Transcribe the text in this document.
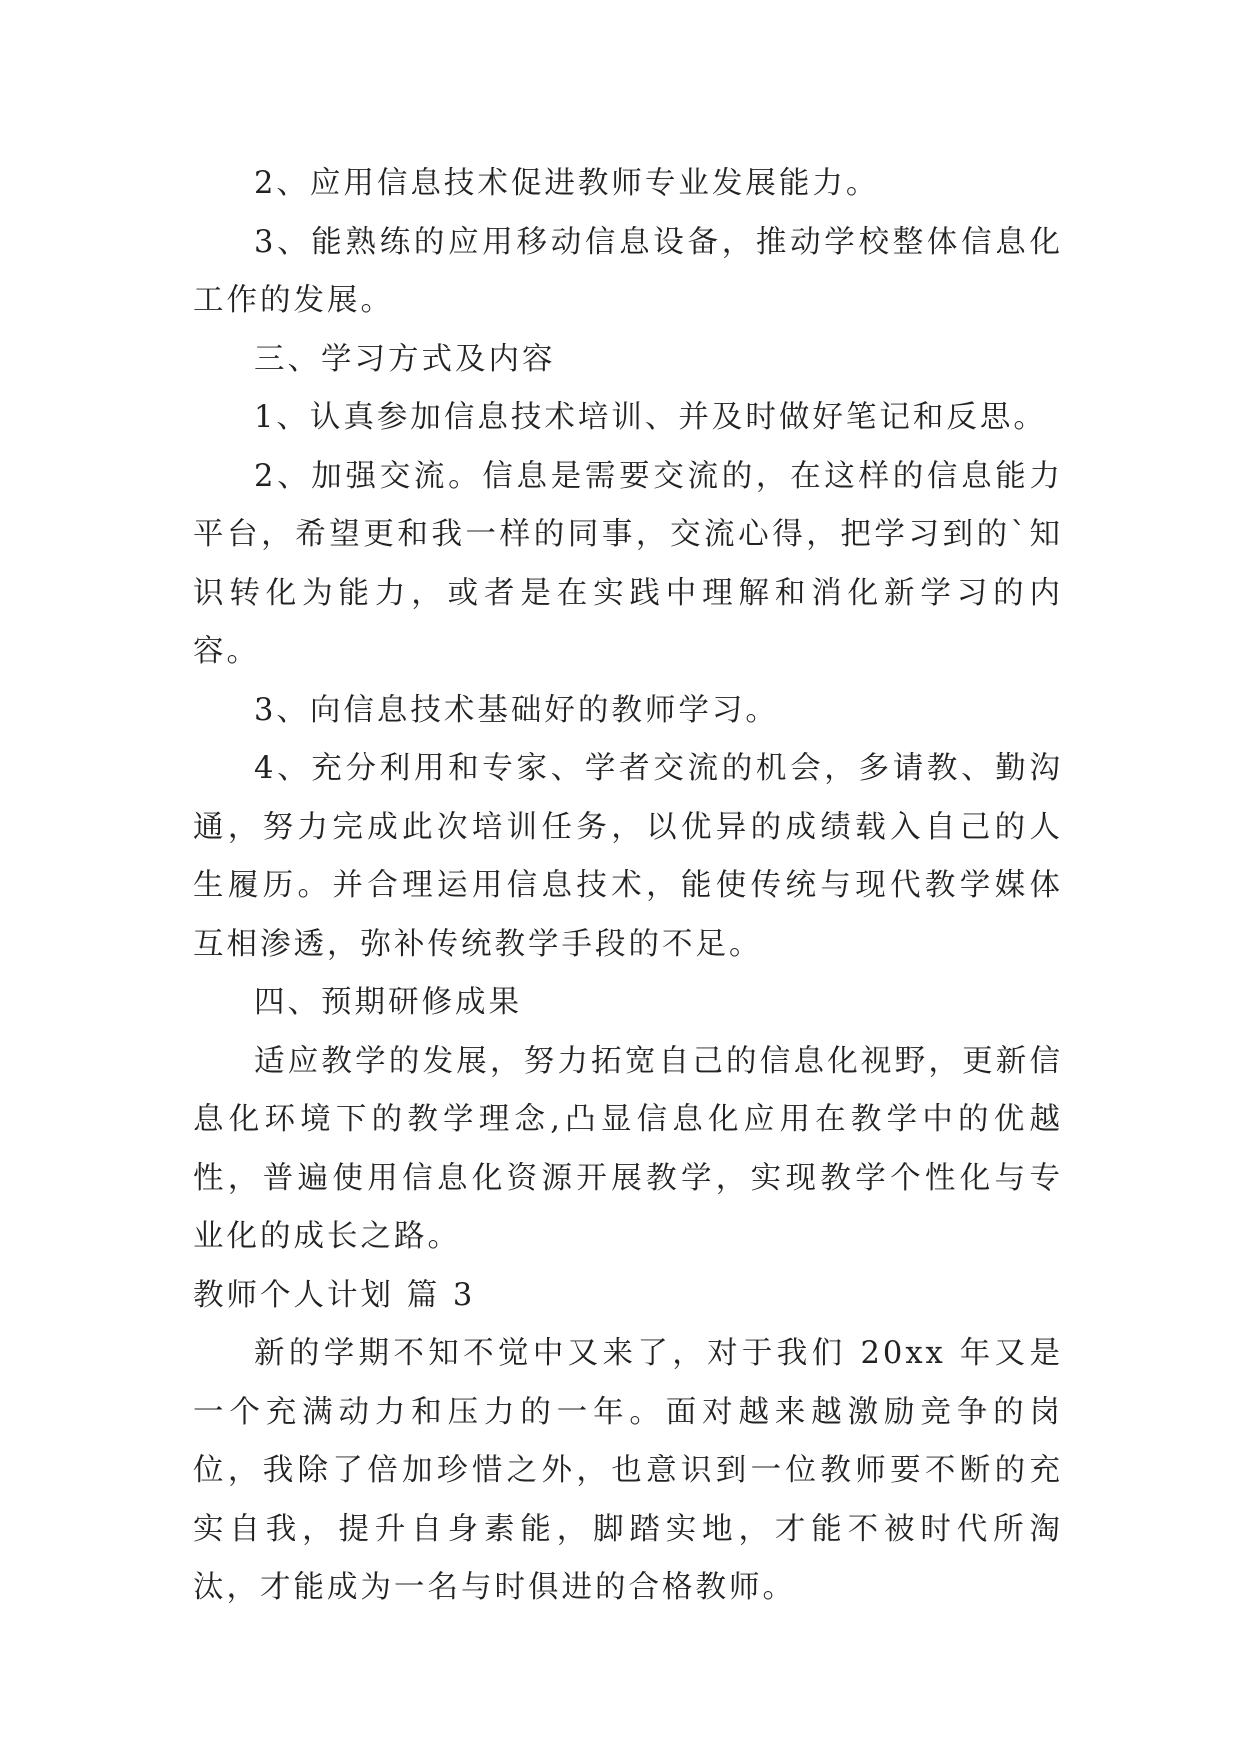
2、应用信息技术促进教师专业发展能力。

3、能熟练的应用移动信息设备，推动学校整体信息化工作的发展。

三、学习方式及内容

1、认真参加信息技术培训、并及时做好笔记和反思。

2、加强交流。信息是需要交流的，在这样的信息能力平台，希望更和我一样的同事，交流心得，把学习到的`知识转化为能力，或者是在实践中理解和消化新学习的内容。

3、向信息技术基础好的教师学习。

4、充分利用和专家、学者交流的机会，多请教、勤沟通，努力完成此次培训任务，以优异的成绩载入自己的人生履历。并合理运用信息技术，能使传统与现代教学媒体互相渗透，弥补传统教学手段的不足。

四、预期研修成果

适应教学的发展，努力拓宽自己的信息化视野，更新信息化环境下的教学理念,凸显信息化应用在教学中的优越性，普遍使用信息化资源开展教学，实现教学个性化与专业化的成长之路。

教师个人计划 篇 3

新的学期不知不觉中又来了，对于我们 20xx 年又是一个充满动力和压力的一年。面对越来越激励竞争的岗位，我除了倍加珍惜之外，也意识到一位教师要不断的充实自我，提升自身素能，脚踏实地，才能不被时代所淘汰，才能成为一名与时俱进的合格教师。
